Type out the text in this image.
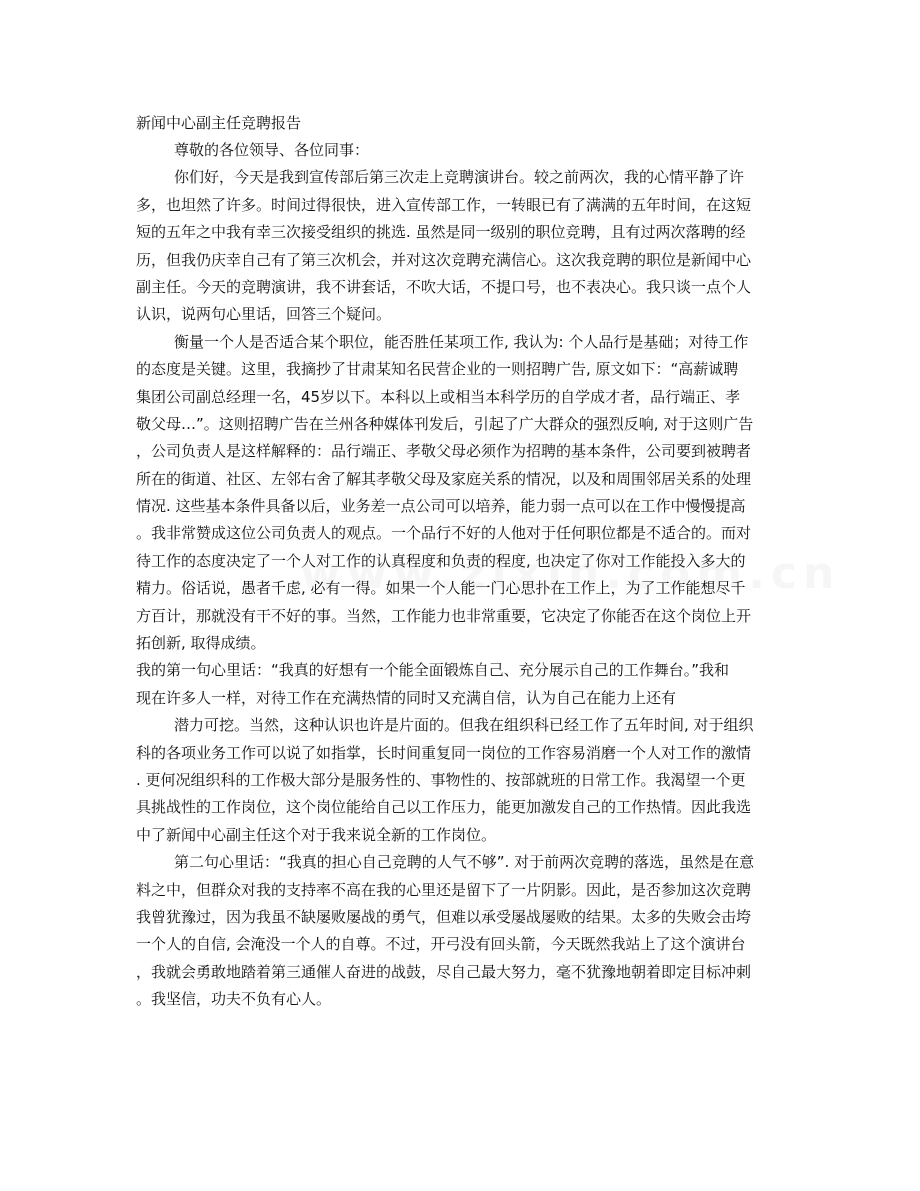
新闻中心副主任竞聘报告
尊敬的各位领导、各位同事：
你们好，今天是我到宣传部后第三次走上竞聘演讲台。较之前两次，我的心情平静了许
多，也坦然了许多。时间过得很快，进入宣传部工作，一转眼已有了满满的五年时间，在这短
短的五年之中我有幸三次接受组织的挑选. 虽然是同一级别的职位竞聘，且有过两次落聘的经
历，但我仍庆幸自己有了第三次机会，并对这次竞聘充满信心。这次我竞聘的职位是新闻中心
副主任。今天的竞聘演讲，我不讲套话，不吹大话，不提口号，也不表决心。我只谈一点个人
认识，说两句心里话，回答三个疑问。
衡量一个人是否适合某个职位，能否胜任某项工作, 我认为: 个人品行是基础；对待工作
的态度是关键。这里，我摘抄了甘肃某知名民营企业的一则招聘广告, 原文如下：“高薪诚聘
集团公司副总经理一名，45岁以下。本科以上或相当本科学历的自学成才者，品行端正、孝
敬父母…”。这则招聘广告在兰州各种媒体刊发后，引起了广大群众的强烈反响, 对于这则广告
，公司负责人是这样解释的：品行端正、孝敬父母必须作为招聘的基本条件，公司要到被聘者
所在的街道、社区、左邻右舍了解其孝敬父母及家庭关系的情况，以及和周围邻居关系的处理
情况. 这些基本条件具备以后，业务差一点公司可以培养，能力弱一点可以在工作中慢慢提高
。我非常赞成这位公司负责人的观点。一个品行不好的人他对于任何职位都是不适合的。而对
待工作的态度决定了一个人对工作的认真程度和负责的程度, 也决定了你对工作能投入多大的
精力。俗话说，愚者千虑, 必有一得。如果一个人能一门心思扑在工作上，为了工作能想尽千
方百计，那就没有干不好的事。当然，工作能力也非常重要，它决定了你能否在这个岗位上开
拓创新, 取得成绩。
我的第一句心里话：“我真的好想有一个能全面锻炼自己、充分展示自己的工作舞台。”我和
现在许多人一样，对待工作在充满热情的同时又充满自信，认为自己在能力上还有
潜力可挖。当然，这种认识也许是片面的。但我在组织科已经工作了五年时间, 对于组织
科的各项业务工作可以说了如指掌，长时间重复同一岗位的工作容易消磨一个人对工作的激情
. 更何况组织科的工作极大部分是服务性的、事物性的、按部就班的日常工作。我渴望一个更
具挑战性的工作岗位，这个岗位能给自己以工作压力，能更加激发自己的工作热情。因此我选
中了新闻中心副主任这个对于我来说全新的工作岗位。
第二句心里话：“我真的担心自己竞聘的人气不够”. 对于前两次竞聘的落选，虽然是在意
料之中，但群众对我的支持率不高在我的心里还是留下了一片阴影。因此，是否参加这次竞聘
我曾犹豫过，因为我虽不缺屡败屡战的勇气，但难以承受屡战屡败的结果。太多的失败会击垮
一个人的自信, 会淹没一个人的自尊。不过，开弓没有回头箭，今天既然我站上了这个演讲台
，我就会勇敢地踏着第三通催人奋进的战鼓，尽自己最大努力，毫不犹豫地朝着即定目标冲刺
。我坚信，功夫不负有心人。
